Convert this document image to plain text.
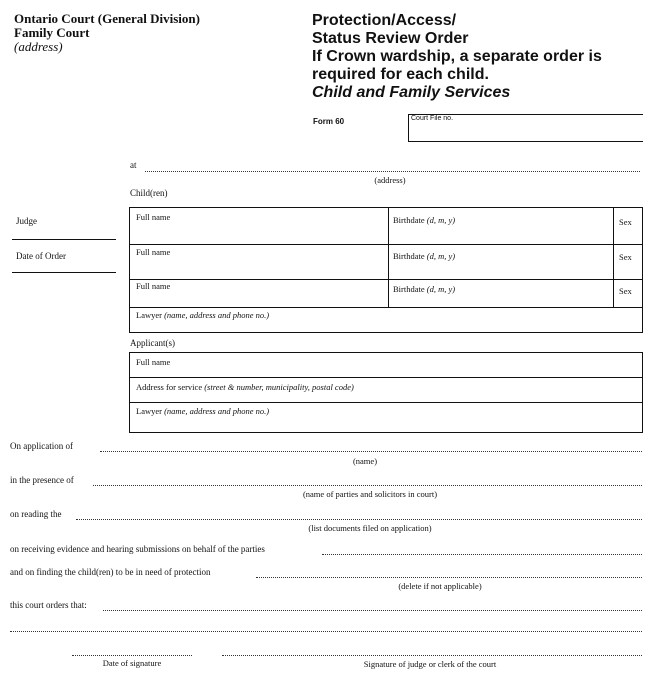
Ontario Court (General Division)
Family Court
(address)
Protection/Access/
Status Review Order
If Crown wardship, a separate order is
required for each child.
Child and Family Services
Form 60	Court File no.
at
(address)
Judge
Date of Order
Child(ren)
Full name	Birthdate (d, m, y)	Sex
Full name	Birthdate (d, m, y)	Sex
Full name	Birthdate (d, m, y)	Sex
Lawyer (name, address and phone no.)
Applicant(s)
Full name
Address for service (street & number, municipality, postal code)
Lawyer (name, address and phone no.)
On application of
(name)
in the presence of
(name of parties and solicitors in court)
on reading the
(list documents filed on application)
on receiving evidence and hearing submissions on behalf of the parties
and on finding the child(ren) to be in need of protection
(delete if not applicable)
this court orders that:
Date of signature	Signature of judge or clerk of the court
